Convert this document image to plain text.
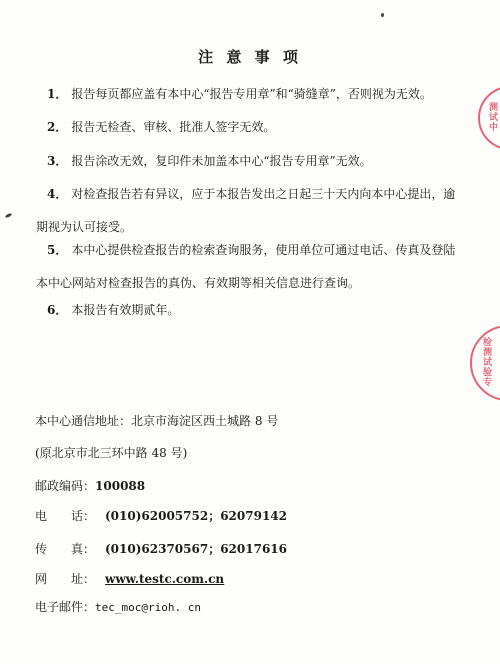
注 意 事 项
1． 报告每页都应盖有本中心“报告专用章”和“骑缝章”，否则视为无效。
2． 报告无检查、审核、批准人签字无效。
3． 报告涂改无效，复印件未加盖本中心“报告专用章”无效。
4． 对检查报告若有异议，应于本报告发出之日起三十天内向本中心提出，逾
期视为认可接受。
5． 本中心提供检查报告的检索查询服务，使用单位可通过电话、传真及登陆
本中心网站对检查报告的真伪、有效期等相关信息进行查询。
6． 本报告有效期贰年。
本中心通信地址：北京市海淀区西土城路 8 号
(原北京市北三环中路 48 号)
邮政编码：100088
电　　话： (010)62005752；62079142
传　　真： (010)62370567；62017616
网　　址： www.testc.com.cn
电子邮件：tec_moc@rioh. cn
测试中
检测试验专
